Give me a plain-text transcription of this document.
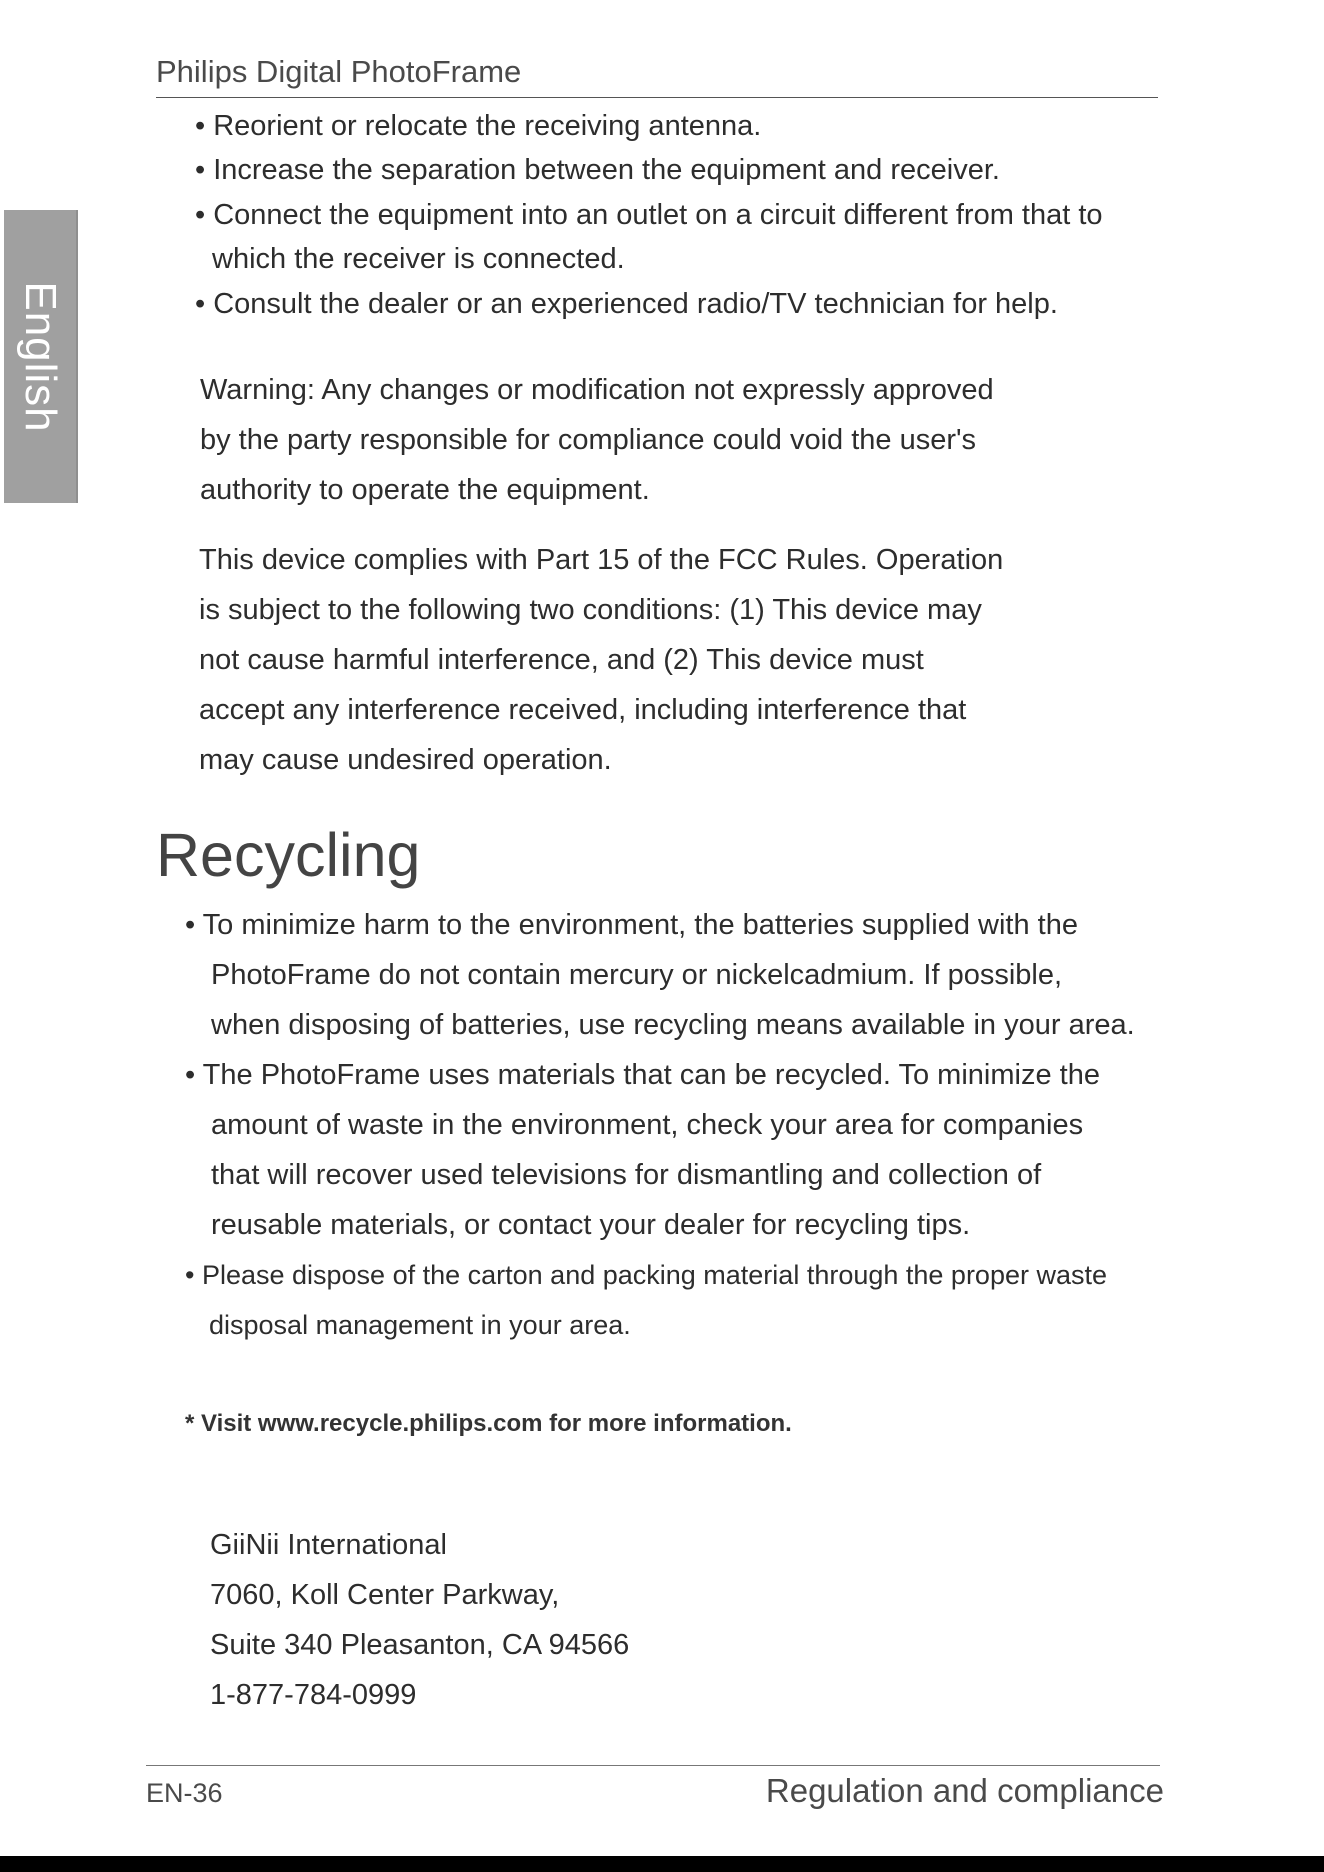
Philips Digital PhotoFrame
English
• Reorient or relocate the receiving antenna.
• Increase the separation between the equipment and receiver.
• Connect the equipment into an outlet on a circuit different from that to
which the receiver is connected.
• Consult the dealer or an experienced radio/TV technician for help.
Warning: Any changes or modification not expressly approved
by the party responsible for compliance could void the user's
authority to operate the equipment.
This device complies with Part 15 of the FCC Rules. Operation
is subject to the following two conditions: (1) This device may
not cause harmful interference, and (2) This device must
accept any interference received, including interference that
may cause undesired operation.
Recycling
• To minimize harm to the environment, the batteries supplied with the
PhotoFrame do not contain mercury or nickelcadmium. If possible,
when disposing of batteries, use recycling means available in your area.
• The PhotoFrame uses materials that can be recycled. To minimize the
amount of waste in the environment, check your area for companies
that will recover used televisions for dismantling and collection of
reusable materials, or contact your dealer for recycling tips.
• Please dispose of the carton and packing material through the proper waste
disposal management in your area.
* Visit www.recycle.philips.com for more information.
GiiNii International
7060, Koll Center Parkway,
Suite 340 Pleasanton, CA 94566
1-877-784-0999
EN-36	Regulation and compliance
